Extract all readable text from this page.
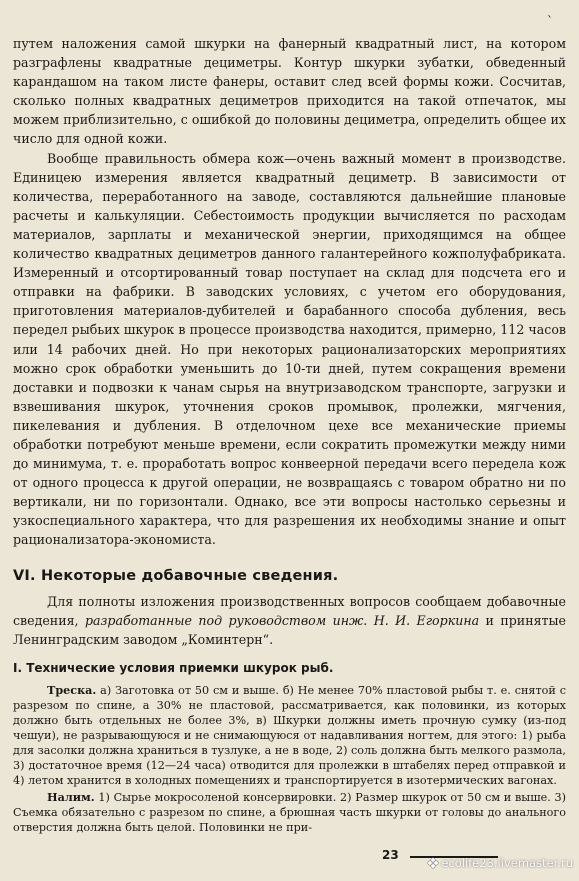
`

путем наложения самой шкурки на фанерный квадратный лист, на котором разграфлены квадратные дециметры. Контур шкурки зубатки, обведенный карандашом на таком листе фанеры, оставит след всей формы кожи. Сосчитав, сколько полных квадратных дециметров приходится на такой отпечаток, мы можем приблизительно, с ошибкой до половины дециметра, определить общее их число для одной кожи.

Вообще правильность обмера кож—очень важный момент в производстве. Единицею измерения является квадратный дециметр. В зависимости от количества, переработанного на заводе, составляются дальнейшие плановые расчеты и калькуляции. Себестоимость продукции вычисляется по расходам материалов, зарплаты и механической энергии, приходящимся на общее количество квадратных дециметров данного галантерейного кожполуфабриката. Измеренный и отсортированный товар поступает на склад для подсчета его и отправки на фабрики. В заводских условиях, с учетом его оборудования, приготовления материалов-дубителей и барабанного способа дубления, весь передел рыбьих шкурок в процессе производства находится, примерно, 112 часов или 14 рабочих дней. Но при некоторых рационализаторских мероприятиях можно срок обработки уменьшить до 10-ти дней, путем сокращения времени доставки и подвозки к чанам сырья на внутризаводском транспорте, загрузки и взвешивания шкурок, уточнения сроков промывок, пролежки, мягчения, пикелевания и дубления. В отделочном цехе все механические приемы обработки потребуют меньше времени, если сократить промежутки между ними до минимума, т. е. проработать вопрос конвеерной передачи всего передела кож от одного процесса к другой операции, не возвращаясь с товаром обратно ни по вертикали, ни по горизонтали. Однако, все эти вопросы настолько серьезны и узкоспециального характера, что для разрешения их необходимы знание и опыт рационализатора-экономиста.

VI. Некоторые добавочные сведения.

Для полноты изложения производственных вопросов сообщаем добавочные сведения, разработанные под руководством инж. Н. И. Егоркина и принятые Ленинградским заводом „Коминтерн“.

I. Технические условия приемки шкурок рыб.

Треска. а) Заготовка от 50 см и выше. б) Не менее 70% пластовой рыбы т. е. снятой с разрезом по спине, а 30% не пластовой, рассматривается, как половинки, из которых должно быть отдельных не более 3%, в) Шкурки должны иметь прочную сумку (из-под чешуи), не разрывающуюся и не снимающуюся от надавливания ногтем, для этого: 1) рыба для засолки должна храниться в тузлуке, а не в воде, 2) соль должна быть мелкого размола, 3) достаточное время (12—24 часа) отводится для пролежки в штабелях перед отправкой и 4) летом хранится в холодных помещениях и транспортируется в изотермических вагонах.

Налим. 1) Сырье мокросоленой консервировки. 2) Размер шкурок от 50 см и выше. 3) Съемка обязательно с разрезом по спине, а брюшная часть шкурки от головы до анального отверстия должна быть целой. Половинки не при-

23
ecolife23.livemaster.ru
